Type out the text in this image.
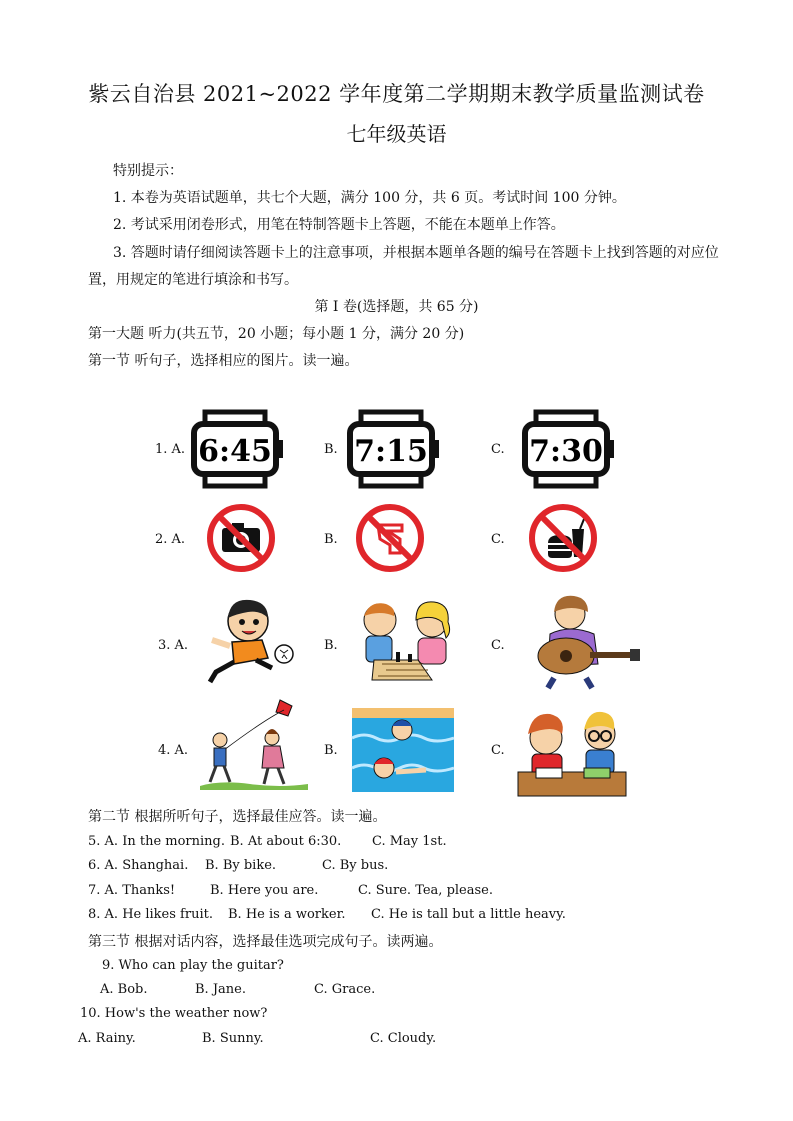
紫云自治县 2021~2022 学年度第二学期期末教学质量监测试卷
七年级英语
特别提示：
1. 本卷为英语试题单，共七个大题，满分 100 分，共 6 页。考试时间 100 分钟。
2. 考试采用闭卷形式，用笔在特制答题卡上答题，不能在本题单上作答。
3. 答题时请仔细阅读答题卡上的注意事项，并根据本题单各题的编号在答题卡上找到答题的对应位
置，用规定的笔进行填涂和书写。
第 I 卷(选择题，共 65 分)
第一大题 听力(共五节，20 小题；每小题 1 分，满分 20 分)
第一节 听句子，选择相应的图片。读一遍。
1. A.	B.	C.
6:45	7:15	7:30
2. A.	B.	C.
3. A.	B.	C.
4. A.	B.	C.
第二节 根据所听句子，选择最佳应答。读一遍。
5. A. In the morning. B. At about 6:30. C. May 1st.
6. A. Shanghai. B. By bike.	C. By bus.
7. A. Thanks!	B. Here you are.	C. Sure. Tea, please.
8. A. He likes fruit. B. He is a worker. C. He is tall but a little heavy.
第三节 根据对话内容，选择最佳选项完成句子。读两遍。
9. Who can play the guitar?
A. Bob.	B. Jane.	C. Grace.
10. How's the weather now?
A. Rainy.	B. Sunny.	C. Cloudy.
